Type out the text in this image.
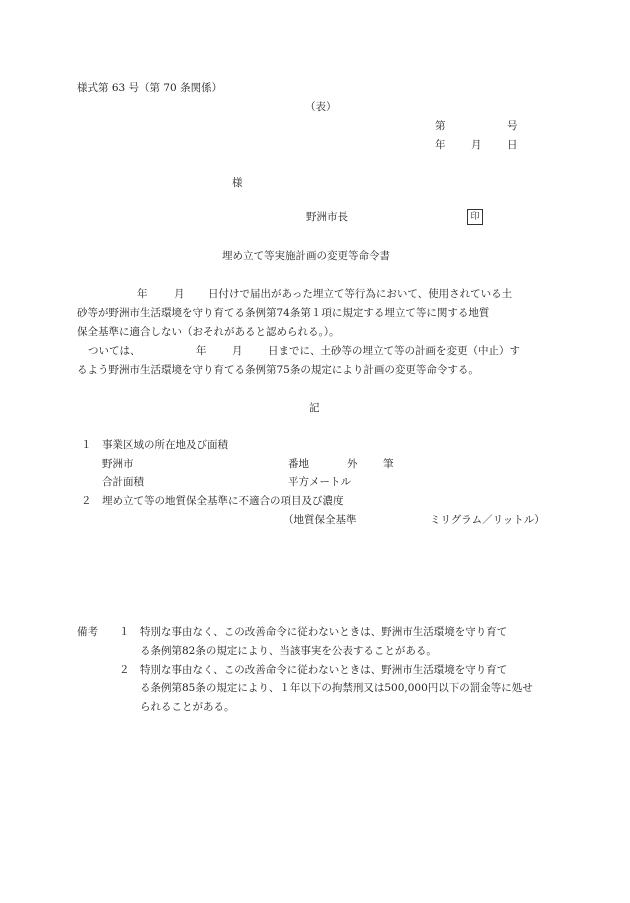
様式第 63 号（第 70 条関係）
（表）
第	号
年 月 日
様
野洲市長	印
埋め立て等実施計画の変更等命令書
年	月 日付けで届出があった埋立て等行為において、使用されている土
砂等が野洲市生活環境を守り育てる条例第74条第１項に規定する埋立て等に関する地質
保全基準に適合しない（おそれがあると認められる。）。
ついては、	年 月 日までに、土砂等の埋立て等の計画を変更（中止）す
るよう野洲市生活環境を守り育てる条例第75条の規定により計画の変更等命令する。
記
１ 事業区域の所在地及び面積
野洲市	番地	外 筆
合計面積	平方メートル
２ 埋め立て等の地質保全基準に不適合の項目及び濃度
（地質保全基準	ミリグラム／リットル）
備考 １ 特別な事由なく、この改善命令に従わないときは、野洲市生活環境を守り育て
る条例第82条の規定により、当該事実を公表することがある。
２ 特別な事由なく、この改善命令に従わないときは、野洲市生活環境を守り育て
る条例第85条の規定により、１年以下の拘禁刑又は500,000円以下の罰金等に処せ
られることがある。
